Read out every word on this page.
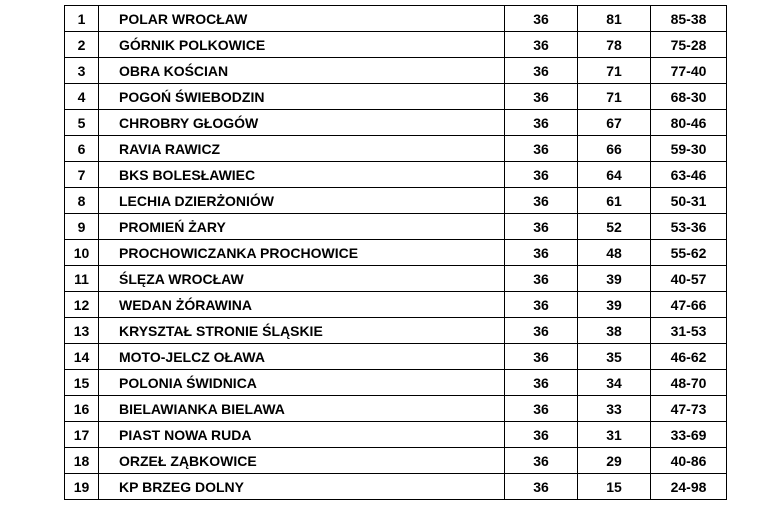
1	POLAR WROCŁAW	36	81	85-38
2	GÓRNIK POLKOWICE	36	78	75-28
3	OBRA KOŚCIAN	36	71	77-40
4	POGOŃ ŚWIEBODZIN	36	71	68-30
5	CHROBRY GŁOGÓW	36	67	80-46
6	RAVIA RAWICZ	36	66	59-30
7	BKS BOLESŁAWIEC	36	64	63-46
8	LECHIA DZIERŻONIÓW	36	61	50-31
9	PROMIEŃ ŻARY	36	52	53-36
10	PROCHOWICZANKA PROCHOWICE	36	48	55-62
11	ŚLĘZA WROCŁAW	36	39	40-57
12	WEDAN ŻÓRAWINA	36	39	47-66
13	KRYSZTAŁ STRONIE ŚLĄSKIE	36	38	31-53
14	MOTO-JELCZ OŁAWA	36	35	46-62
15	POLONIA ŚWIDNICA	36	34	48-70
16	BIELAWIANKA BIELAWA	36	33	47-73
17	PIAST NOWA RUDA	36	31	33-69
18	ORZEŁ ZĄBKOWICE	36	29	40-86
19	KP BRZEG DOLNY	36	15	24-98
